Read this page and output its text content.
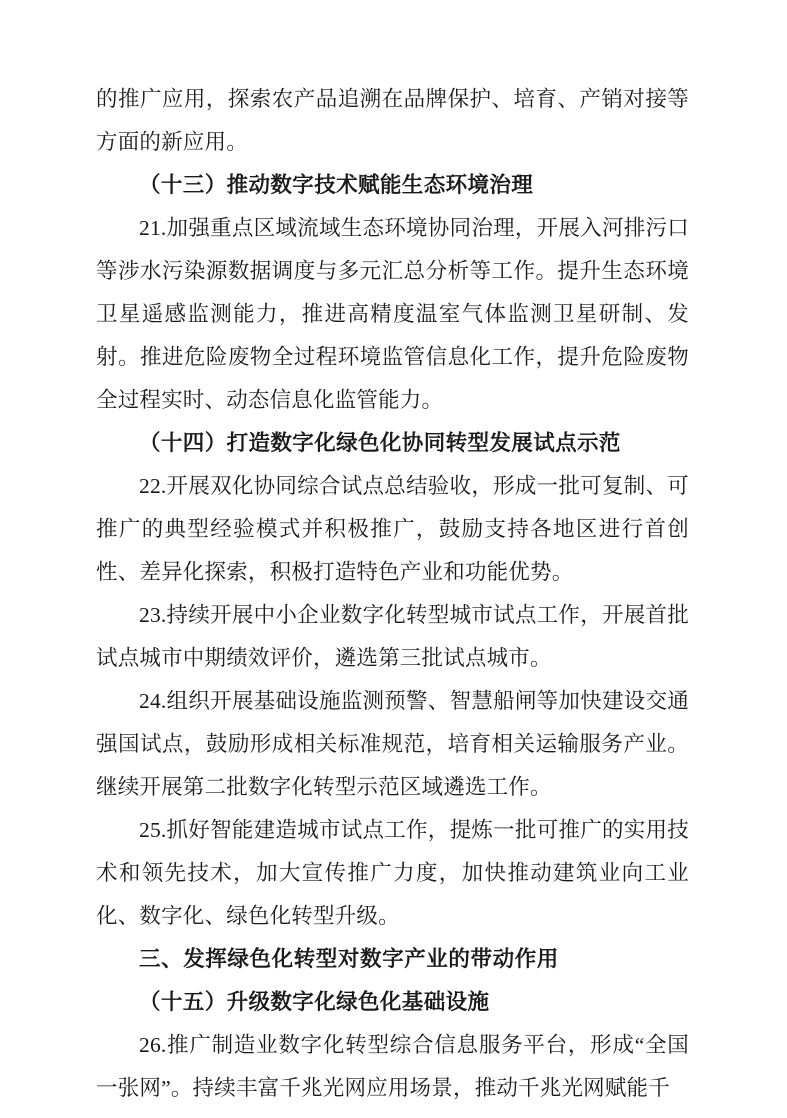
的推广应用，探索农产品追溯在品牌保护、培育、产销对接等方面的新应用。

（十三）推动数字技术赋能生态环境治理

21.加强重点区域流域生态环境协同治理，开展入河排污口等涉水污染源数据调度与多元汇总分析等工作。提升生态环境卫星遥感监测能力，推进高精度温室气体监测卫星研制、发射。推进危险废物全过程环境监管信息化工作，提升危险废物全过程实时、动态信息化监管能力。

（十四）打造数字化绿色化协同转型发展试点示范

22.开展双化协同综合试点总结验收，形成一批可复制、可推广的典型经验模式并积极推广，鼓励支持各地区进行首创性、差异化探索，积极打造特色产业和功能优势。

23.持续开展中小企业数字化转型城市试点工作，开展首批试点城市中期绩效评价，遴选第三批试点城市。

24.组织开展基础设施监测预警、智慧船闸等加快建设交通强国试点，鼓励形成相关标准规范，培育相关运输服务产业。继续开展第二批数字化转型示范区域遴选工作。

25.抓好智能建造城市试点工作，提炼一批可推广的实用技术和领先技术，加大宣传推广力度，加快推动建筑业向工业化、数字化、绿色化转型升级。

三、发挥绿色化转型对数字产业的带动作用

（十五）升级数字化绿色化基础设施

26.推广制造业数字化转型综合信息服务平台，形成“全国一张网”。持续丰富千兆光网应用场景，推动千兆光网赋能千
